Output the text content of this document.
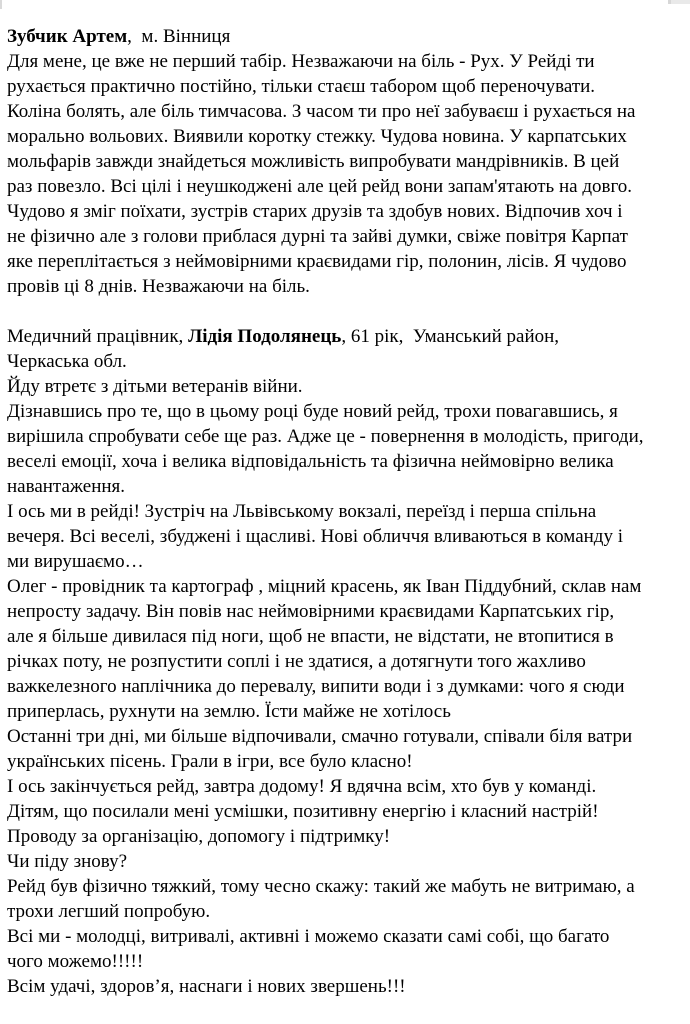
Зубчик Артем,  м. Вінниця
Для мене, це вже не перший табір. Незважаючи на біль - Рух. У Рейді ти
рухається практично постійно, тільки стаєш табором щоб переночувати.
Коліна болять, але біль тимчасова. З часом ти про неї забуваєш і рухається на
морально вольових. Виявили коротку стежку. Чудова новина. У карпатських
мольфарів завжди знайдеться можливість випробувати мандрівників. В цей
раз повезло. Всі цілі і неушкоджені але цей рейд вони запам'ятають на довго.
Чудово я зміг поїхати, зустрів старих друзів та здобув нових. Відпочив хоч і
не фізично але з голови приблася дурні та зайві думки, свіже повітря Карпат
яке переплітається з неймовірними краєвидами гір, полонин, лісів. Я чудово
провів ці 8 днів. Незважаючи на біль.
Медичний працівник, Лідія Подолянець, 61 рік,  Уманський район,
Черкаська обл.
Йду втретє з дітьми ветеранів війни.
Дізнавшись про те, що в цьому році буде новий рейд, трохи повагавшись, я
вирішила спробувати себе ще раз. Адже це - повернення в молодість, пригоди,
веселі емоції, хоча і велика відповідальність та фізична неймовірно велика
навантаження.
І ось ми в рейді! Зустріч на Львівському вокзалі, переїзд і перша спільна
вечеря. Всі веселі, збуджені і щасливі. Нові обличчя вливаються в команду і
ми вирушаємо…
Олег - провідник та картограф , міцний красень, як Іван Піддубний, склав нам
непросту задачу. Він повів нас неймовірними краєвидами Карпатських гір,
але я більше дивилася під ноги, щоб не впасти, не відстати, не втопитися в
річках поту, не розпустити соплі і не здатися, а дотягнути того жахливо
важкелезного наплічника до перевалу, випити води і з думками: чого я сюди
приперлась, рухнути на землю. Їсти майже не хотілось
Останні три дні, ми більше відпочивали, смачно готували, співали біля ватри
українських пісень. Грали в ігри, все було класно!
І ось закінчується рейд, завтра додому! Я вдячна всім, хто був у команді.
Дітям, що посилали мені усмішки, позитивну енергію і класний настрій!
Проводу за організацію, допомогу і підтримку!
Чи піду знову?
Рейд був фізично тяжкий, тому чесно скажу: такий же мабуть не витримаю, а
трохи легший попробую.
Всі ми - молодці, витривалі, активні і можемо сказати самі собі, що багато
чого можемо!!!!!
Всім удачі, здоров’я, наснаги і нових звершень!!!
